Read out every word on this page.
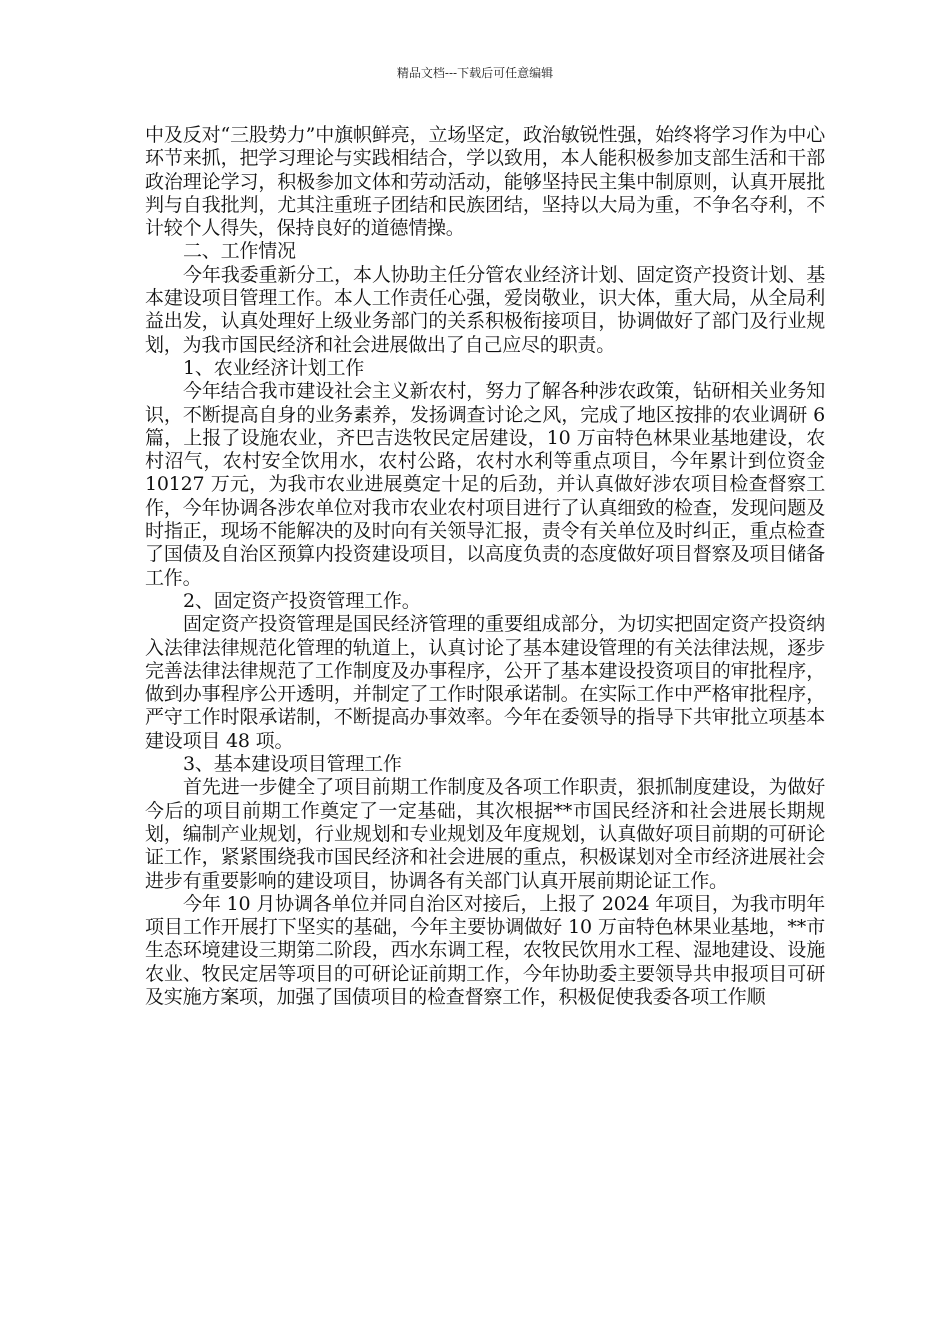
精品文档---下载后可任意编辑

中及反对“三股势力”中旗帜鲜亮，立场坚定，政治敏锐性强，始终将学习作为中心环节来抓，把学习理论与实践相结合，学以致用，本人能积极参加支部生活和干部政治理论学习，积极参加文体和劳动活动，能够坚持民主集中制原则，认真开展批判与自我批判，尤其注重班子团结和民族团结，坚持以大局为重，不争名夺利，不计较个人得失，保持良好的道德情操。

二、工作情况

今年我委重新分工，本人协助主任分管农业经济计划、固定资产投资计划、基本建设项目管理工作。本人工作责任心强，爱岗敬业，识大体，重大局，从全局利益出发，认真处理好上级业务部门的关系积极衔接项目，协调做好了部门及行业规划，为我市国民经济和社会进展做出了自己应尽的职责。

1、农业经济计划工作

今年结合我市建设社会主义新农村，努力了解各种涉农政策，钻研相关业务知识，不断提高自身的业务素养，发扬调查讨论之风，完成了地区按排的农业调研 6 篇，上报了设施农业，齐巴吉迭牧民定居建设，10 万亩特色林果业基地建设，农村沼气，农村安全饮用水，农村公路，农村水利等重点项目，今年累计到位资金 10127 万元，为我市农业进展奠定十足的后劲，并认真做好涉农项目检查督察工作，今年协调各涉农单位对我市农业农村项目进行了认真细致的检查，发现问题及时指正，现场不能解决的及时向有关领导汇报，责令有关单位及时纠正，重点检查了国债及自治区预算内投资建设项目，以高度负责的态度做好项目督察及项目储备工作。

2、固定资产投资管理工作。

固定资产投资管理是国民经济管理的重要组成部分，为切实把固定资产投资纳入法律法律规范化管理的轨道上，认真讨论了基本建设管理的有关法律法规，逐步完善法律法律规范了工作制度及办事程序，公开了基本建设投资项目的审批程序，做到办事程序公开透明，并制定了工作时限承诺制。在实际工作中严格审批程序，严守工作时限承诺制，不断提高办事效率。今年在委领导的指导下共审批立项基本建设项目 48 项。

3、基本建设项目管理工作

首先进一步健全了项目前期工作制度及各项工作职责，狠抓制度建设，为做好今后的项目前期工作奠定了一定基础，其次根据**市国民经济和社会进展长期规划，编制产业规划，行业规划和专业规划及年度规划，认真做好项目前期的可研论证工作，紧紧围绕我市国民经济和社会进展的重点，积极谋划对全市经济进展社会进步有重要影响的建设项目，协调各有关部门认真开展前期论证工作。

今年 10 月协调各单位并同自治区对接后，上报了 2024 年项目，为我市明年项目工作开展打下坚实的基础，今年主要协调做好 10 万亩特色林果业基地，**市生态环境建设三期第二阶段，西水东调工程，农牧民饮用水工程、湿地建设、设施农业、牧民定居等项目的可研论证前期工作，今年协助委主要领导共申报项目可研及实施方案项，加强了国债项目的检查督察工作，积极促使我委各项工作顺
